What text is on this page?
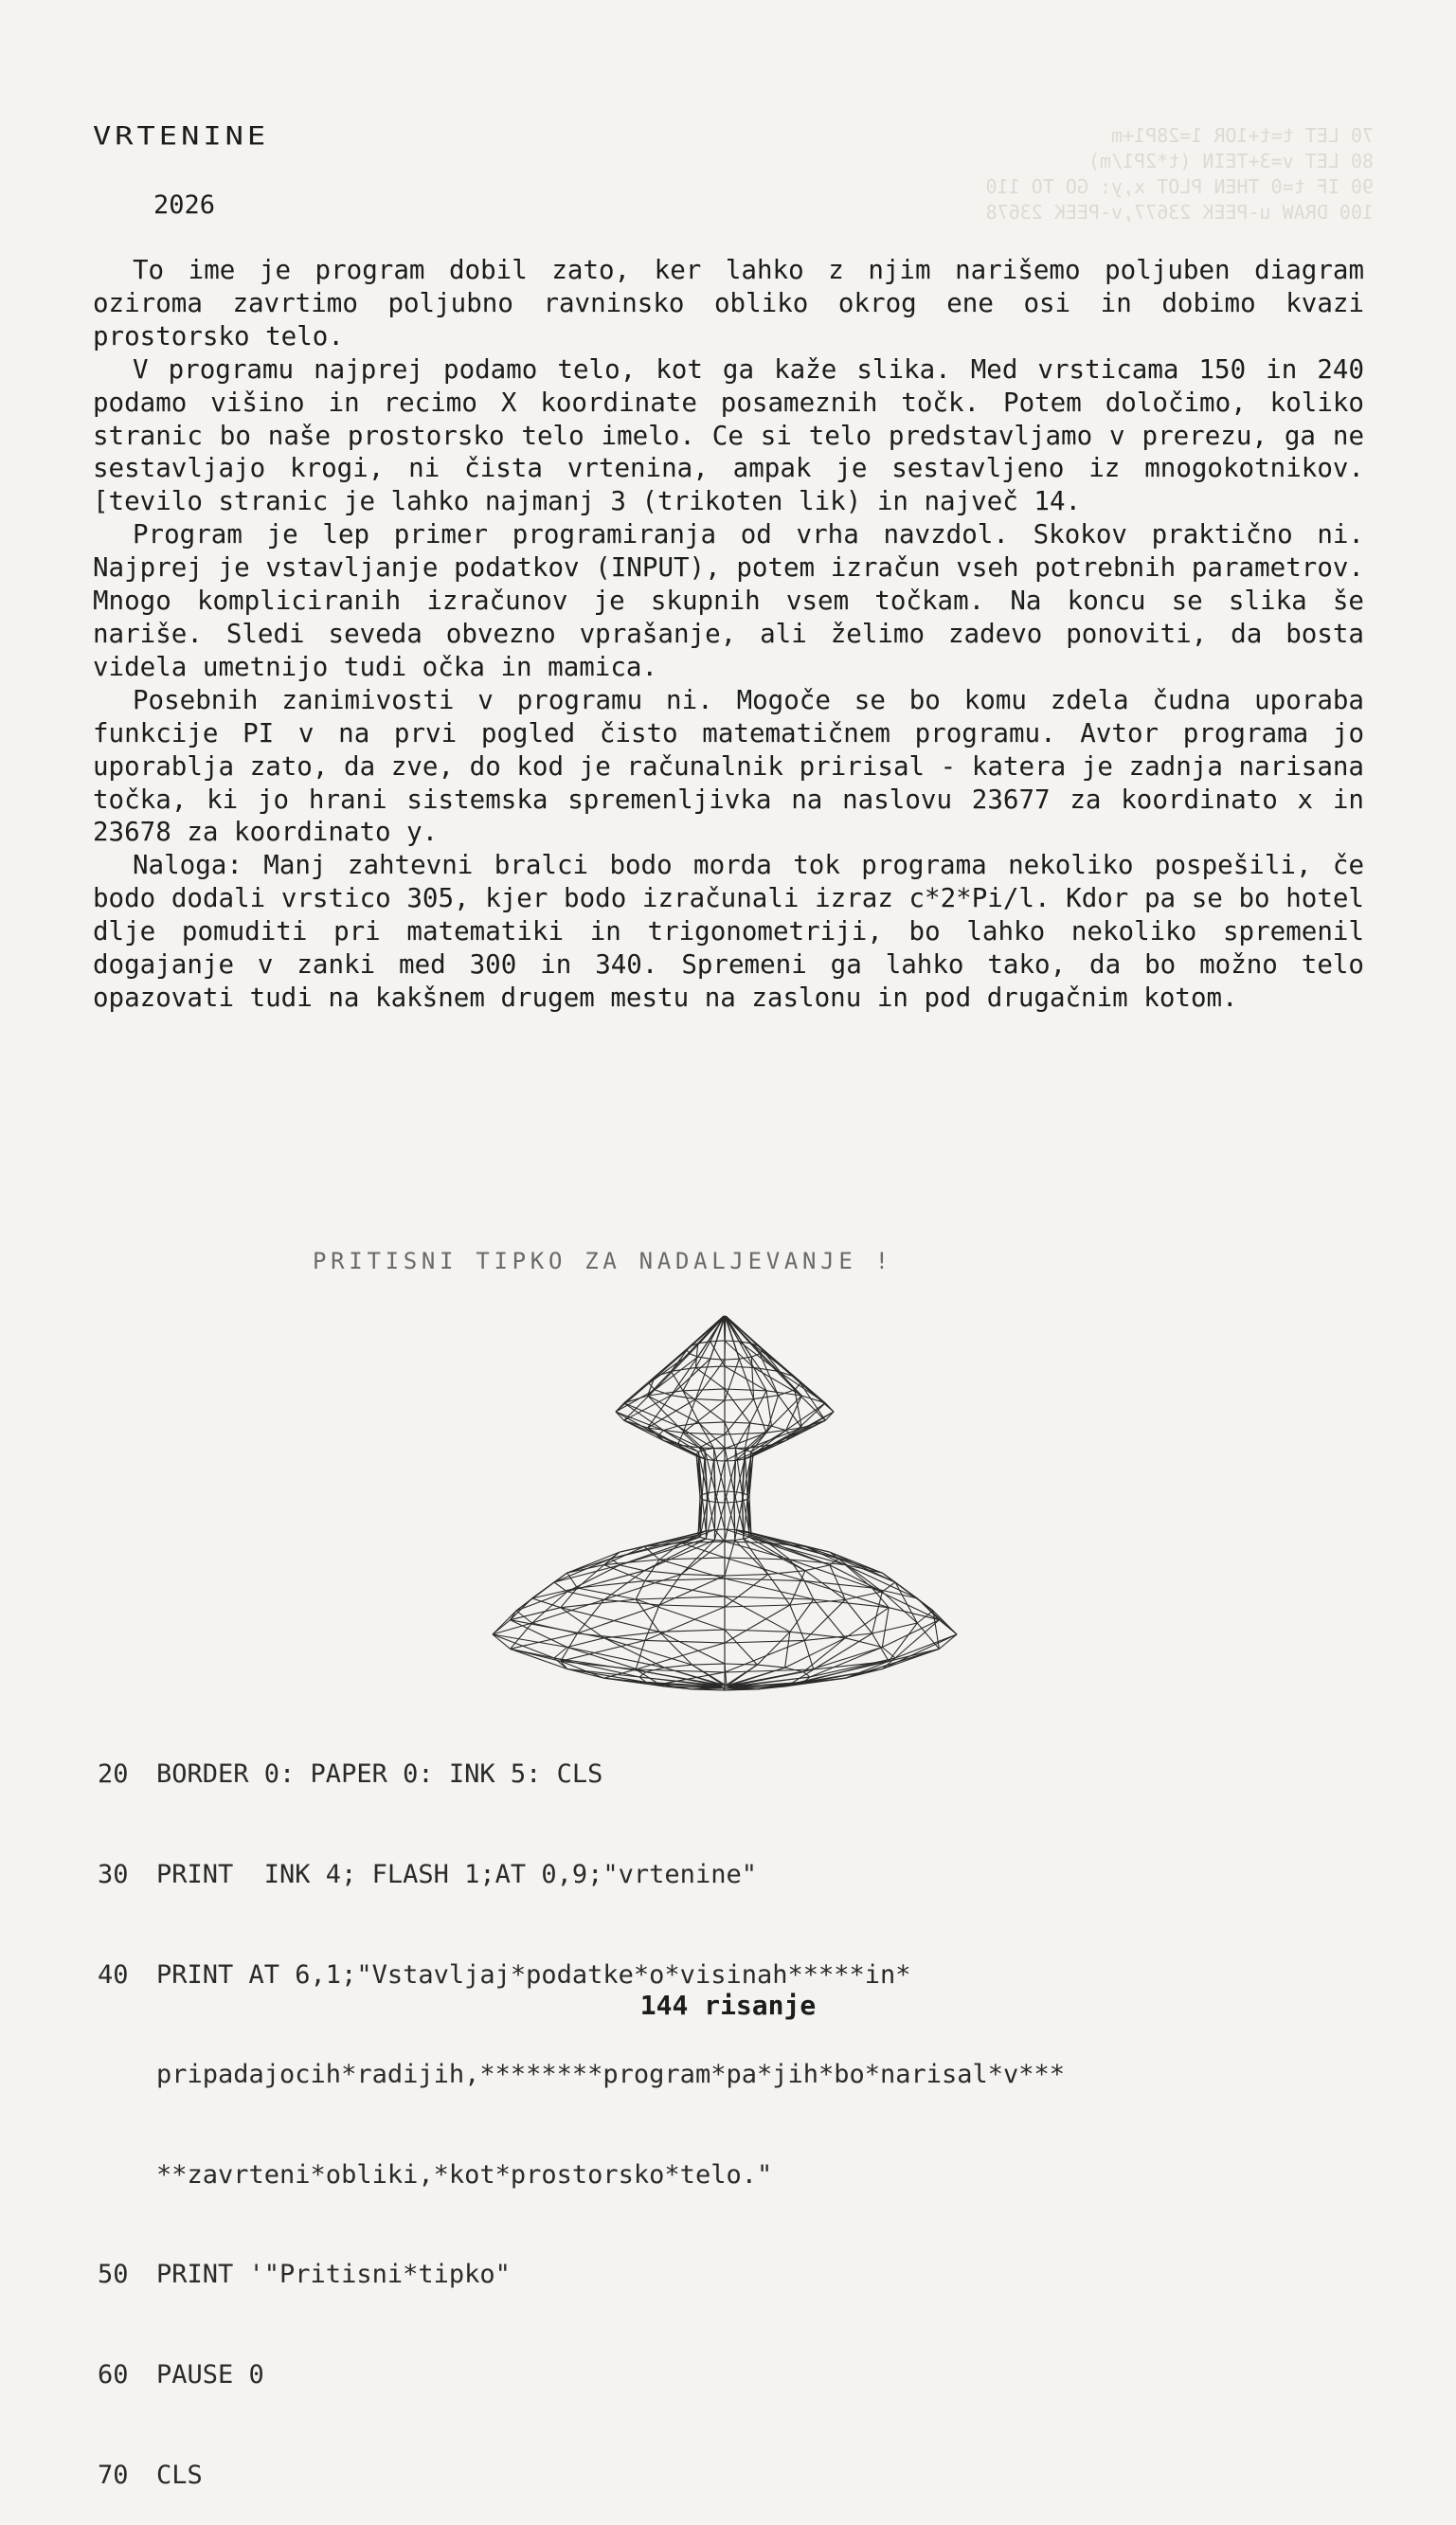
70 LET t=t+1OR 1=28P1+m
80 LET v=3+TEIN (t*2P1/m)
90 IF t=0 THEN PLOT x,y: GO TO 110
100 DRAW u-PEEK 23677,v-PEEK 23678
VRTENINE
2026

To ime je program dobil zato, ker lahko z njim narišemo poljuben diagram oziroma zavrtimo poljubno ravninsko obliko okrog ene osi in dobimo kvazi prostorsko telo.

V programu najprej podamo telo, kot ga kaže slika. Med vrsticama 150 in 240 podamo višino in recimo X koordinate posameznih točk. Potem določimo, koliko stranic bo naše prostorsko telo imelo. Ce si telo predstavljamo v prerezu, ga ne sestavljajo krogi, ni čista vrtenina, ampak je sestavljeno iz mnogokotnikov. [tevilo stranic je lahko najmanj 3 (trikoten lik) in največ 14.

Program je lep primer programiranja od vrha navzdol. Skokov praktično ni. Najprej je vstavljanje podatkov (INPUT), potem izračun vseh potrebnih parametrov. Mnogo kompliciranih izračunov je skupnih vsem točkam. Na koncu se slika še nariše. Sledi seveda obvezno vprašanje, ali želimo zadevo ponoviti, da bosta videla umetnijo tudi očka in mamica.

Posebnih zanimivosti v programu ni. Mogoče se bo komu zdela čudna uporaba funkcije PI v na prvi pogled čisto matematičnem programu. Avtor programa jo uporablja zato, da zve, do kod je računalnik pririsal - katera je zadnja narisana točka, ki jo hrani sistemska spremenljivka na naslovu 23677 za koordinato x in 23678 za koordinato y.

Naloga: Manj zahtevni bralci bodo morda tok programa nekoliko pospešili, če bodo dodali vrstico 305, kjer bodo izračunali izraz c*2*Pi/l. Kdor pa se bo hotel dlje pomuditi pri matematiki in trigonometriji, bo lahko nekoliko spremenil dogajanje v zanki med 300 in 340. Spremeni ga lahko tako, da bo možno telo opazovati tudi na kakšnem drugem mestu na zaslonu in pod drugačnim kotom.

PRITISNI TIPKO ZA NADALJEVANJE !

20	BORDER 0: PAPER 0: INK 5: CLS

30	PRINT  INK 4; FLASH 1;AT 0,9;"vrtenine"

40	PRINT AT 6,1;"Vstavljaj*podatke*o*visinah*****in*

pripadajocih*radijih,********program*pa*jih*bo*narisal*v***

**zavrteni*obliki,*kot*prostorsko*telo."

50	PRINT '"Pritisni*tipko"

60	PAUSE 0

70	CLS

144 risanje
